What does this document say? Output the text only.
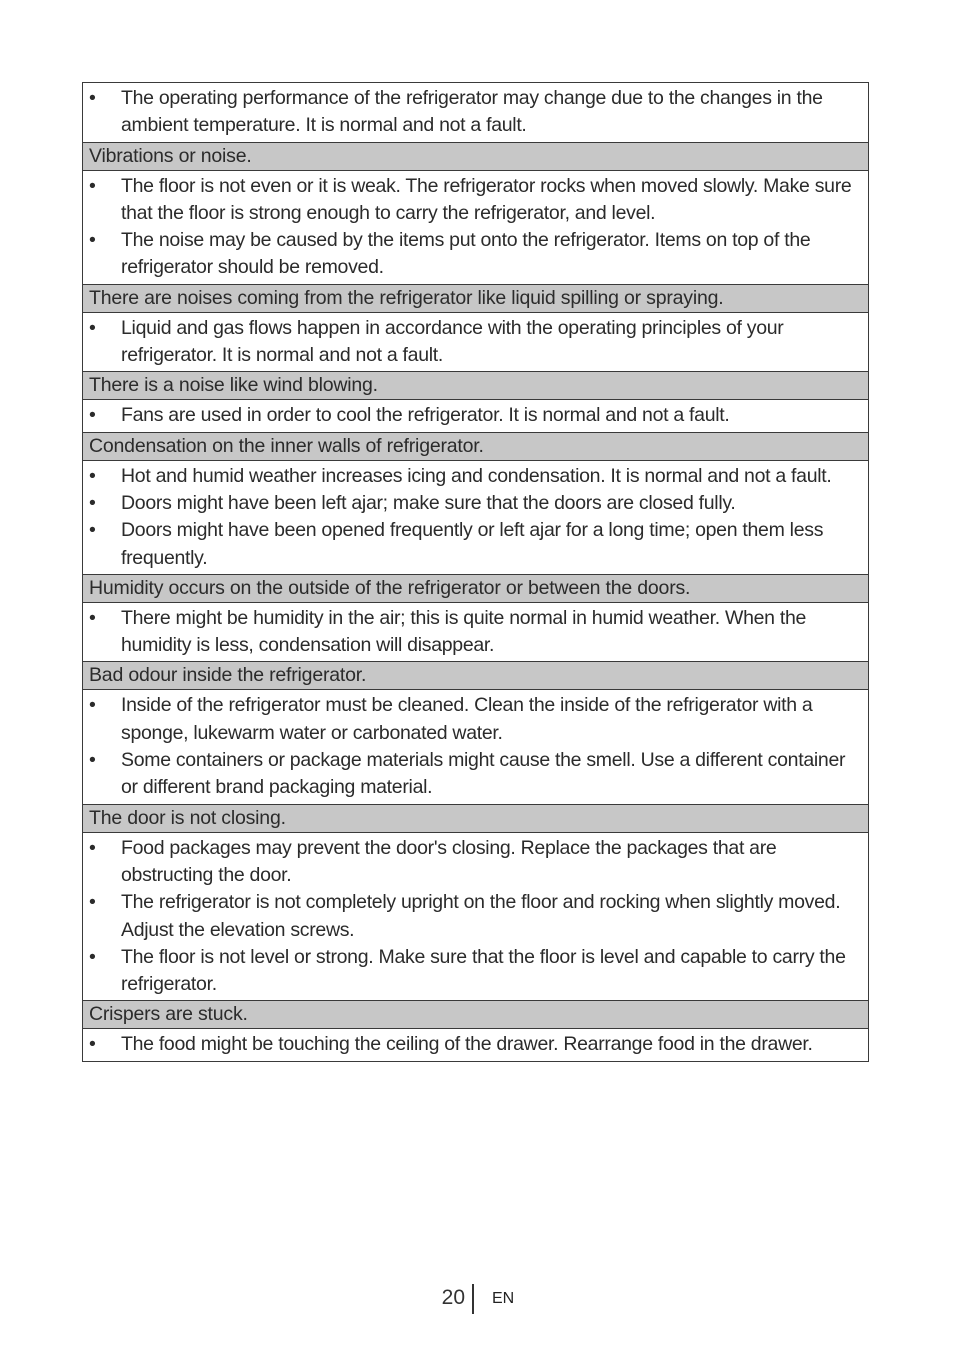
•	The operating performance of the refrigerator may change due to the changes in the ambient temperature. It is normal and not a fault.
Vibrations or noise.
•	The floor is not even or it is weak. The refrigerator rocks when moved slowly. Make sure that the floor is strong enough to carry the refrigerator, and level.
•	The noise may be caused by the items put onto the refrigerator. Items on top of the refrigerator should be removed.
There are noises coming from the refrigerator like liquid spilling or spraying.
•	Liquid and gas flows happen in accordance with the operating principles of your refrigerator. It is normal and not a fault.
There is a noise like wind blowing.
•	Fans are used in order to cool the refrigerator. It is normal and not a fault.
Condensation on the inner walls of refrigerator.
•	Hot and humid weather increases icing and condensation. It is normal and not a fault.
•	Doors might have been left ajar; make sure that the doors are closed fully.
•	Doors might have been opened frequently or left ajar for a long time; open them less frequently.
Humidity occurs on the outside of the refrigerator or between the doors.
•	There might be humidity in the air; this is quite normal in humid weather. When the humidity is less, condensation will disappear.
Bad odour inside the refrigerator.
•	Inside of the refrigerator must be cleaned. Clean the inside of the refrigerator with a sponge, lukewarm water or carbonated water.
•	Some containers or package materials might cause the smell. Use a different container or different brand packaging material.
The door is not closing.
•	Food packages may prevent the door's closing. Replace the packages that are obstructing the door.
•	The refrigerator is not completely upright on the floor and rocking when slightly moved. Adjust the elevation screws.
•	The floor is not level or strong. Make sure that the floor is level and capable to carry the refrigerator.
Crispers are stuck.
•	The food might be touching the ceiling of the drawer. Rearrange food in the drawer.
20 EN
